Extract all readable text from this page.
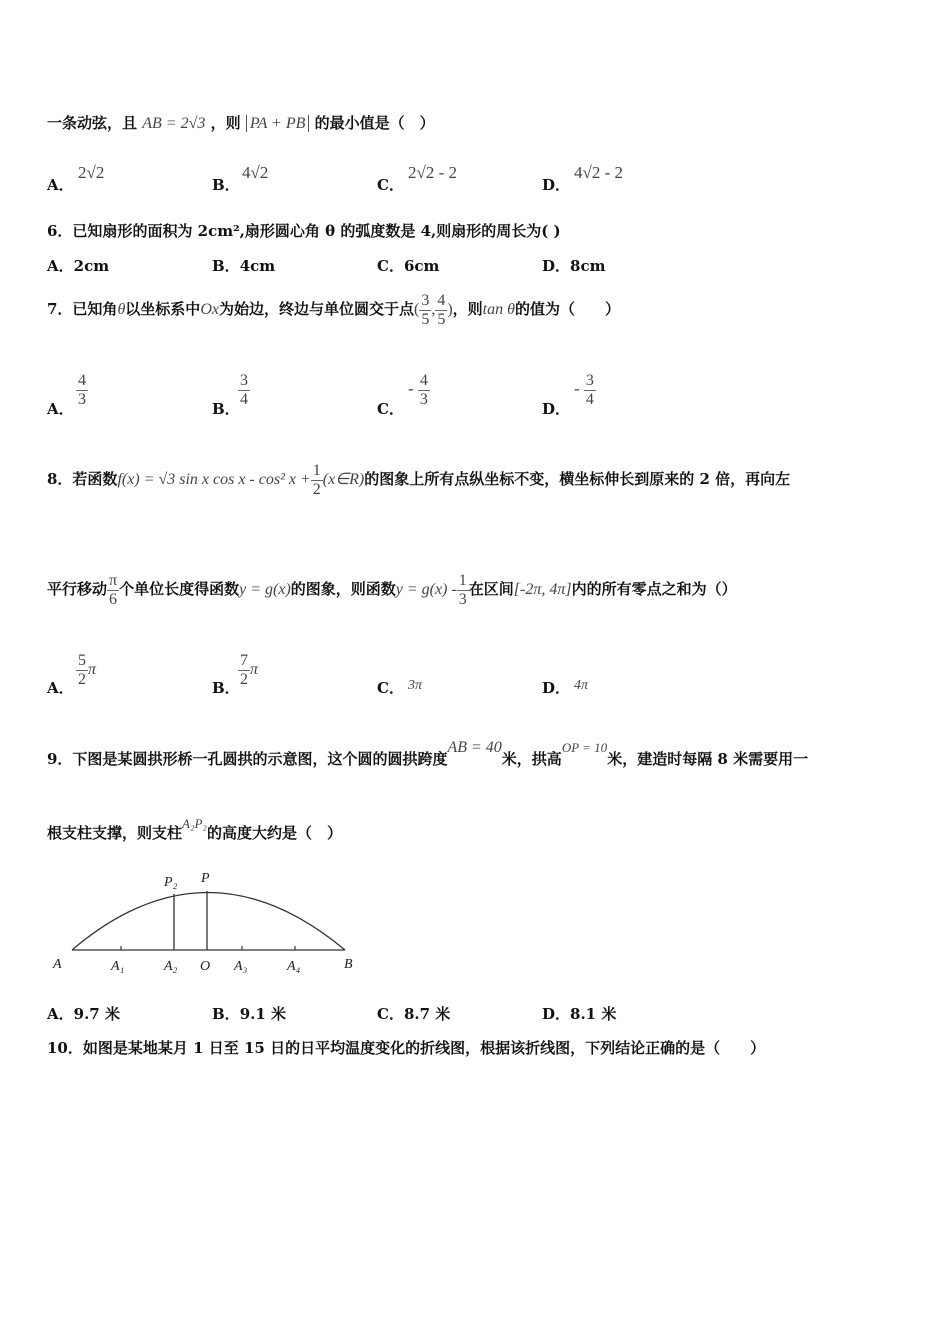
一条动弦，且 AB = 2√3 ，则 PA + PB 的最小值是（　）
A．
2√2
B．
4√2
C．
2√2 - 2
D．
4√2 - 2
6．已知扇形的面积为 2cm²,扇形圆心角 θ 的弧度数是 4,则扇形的周长为( )
A．2cm	B．4cm	C．6cm	D．8cm
7．已知角θ以坐标系中Ox为始边，终边与单位圆交于点( $\frac{3}{5}$ , $\frac{4}{5}$ )，则tan θ的值为（　　）
A．
$\frac{4}{3}$
B．
$\frac{3}{4}$
C．
- $\frac{4}{3}$
D．
- $\frac{3}{4}$
8．若函数f(x) = √3 sin x cos x - cos² $x + \frac{1}{2}$ (x∈R)的图象上所有点纵坐标不变，横坐标伸长到原来的 2 倍，再向左
平行移动 $\frac{\pi}{6}$ 个单位长度得函数y = g(x)的图象，则函数$y = g(x) - \frac{1}{3}$ 在区间[-2π, 4π]内的所有零点之和为（）
A． $\frac{5}{2}$ π
B．
$\frac{7}{2}$ π
C． 3π	D． 4π
9．下图是某圆拱形桥一孔圆拱的示意图，这个圆的圆拱跨度AB = 40米，拱高OP = 10米，建造时每隔 8 米需要用一
根支柱支撑，则支柱A₂P₂的高度大约是（　）
A	A₁	A₂ O A₃	A₄	B
P₂ P
A．9.7 米	B．9.1 米	C．8.7 米	D．8.1 米
10．如图是某地某月 1 日至 15 日的日平均温度变化的折线图，根据该折线图，下列结论正确的是（　　）
